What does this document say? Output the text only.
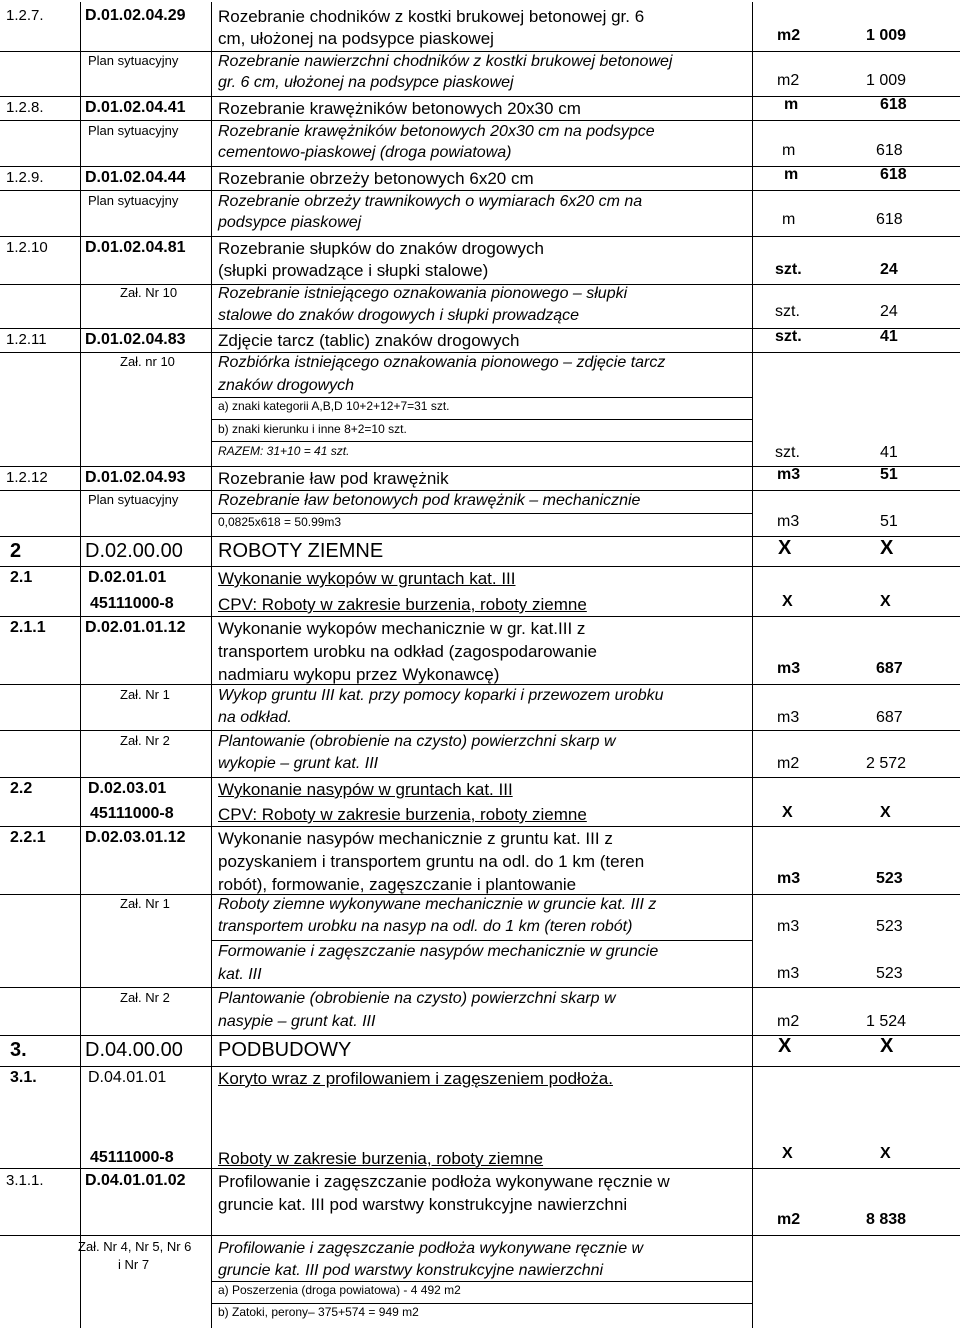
1.2.7.	D.01.02.04.29 Rozebranie chodników z kostki brukowej betonowej gr. 6
cm, ułożonej na podsypce piaskowej	m2	1 009
Plan sytuacyjny Rozebranie nawierzchni chodników z kostki brukowej betonowej
gr. 6 cm, ułożonej na podsypce piaskowej	m2	1 009
1.2.8.	D.01.02.04.41 Rozebranie krawężników betonowych 20x30 cm	m	618
Plan sytuacyjny Rozebranie krawężników betonowych 20x30 cm na podsypce
cementowo-piaskowej (droga powiatowa)	m	618
1.2.9.	D.01.02.04.44 Rozebranie obrzeży betonowych 6x20 cm	m	618
Plan sytuacyjny Rozebranie obrzeży trawnikowych o wymiarach 6x20 cm na
podsypce piaskowej	m	618
1.2.10 D.01.02.04.81 Rozebranie słupków do znaków drogowych
(słupki prowadzące i słupki stalowe)	szt.	24
Zał. Nr 10	Rozebranie istniejącego oznakowania pionowego – słupki
stalowe do znaków drogowych i słupki prowadzące	szt.	24
1.2.11 D.01.02.04.83 Zdjęcie tarcz (tablic) znaków drogowych	szt.	41
Zał. nr 10	Rozbiórka istniejącego oznakowania pionowego – zdjęcie tarcz
znaków drogowych
a) znaki kategorii A,B,D 10+2+12+7=31 szt.
b) znaki kierunku i inne 8+2=10 szt.
RAZEM: 31+10 = 41 szt.	szt.	41
1.2.12 D.01.02.04.93 Rozebranie ław pod krawężnik	m3	51
Plan sytuacyjny Rozebranie ław betonowych pod krawężnik – mechanicznie
0,0825x618 = 50.99m3	m3	51
2	D.02.00.00 ROBOTY ZIEMNE	X	X
2.1	D.02.01.01	Wykonanie wykopów w gruntach kat. III
45111000-8	CPV: Roboty w zakresie burzenia, roboty ziemne	X	X
2.1.1 D.02.01.01.12 Wykonanie wykopów mechanicznie w gr. kat.III z
transportem urobku na odkład (zagospodarowanie
nadmiaru wykopu przez Wykonawcę)	m3	687
Zał. Nr 1	Wykop gruntu III kat. przy pomocy koparki i przewozem urobku
na odkład.	m3	687
Zał. Nr 2	Plantowanie (obrobienie na czysto) powierzchni skarp w
wykopie – grunt kat. III	m2	2 572
2.2	D.02.03.01	Wykonanie nasypów w gruntach kat. III
45111000-8	CPV: Roboty w zakresie burzenia, roboty ziemne	X	X
2.2.1 D.02.03.01.12 Wykonanie nasypów mechanicznie z gruntu kat. III z
pozyskaniem i transportem gruntu na odl. do 1 km (teren
robót), formowanie, zagęszczanie i plantowanie	m3	523
Zał. Nr 1	Roboty ziemne wykonywane mechanicznie w gruncie kat. III z
transportem urobku na nasyp na odl. do 1 km (teren robót)	m3	523
Formowanie i zagęszczanie nasypów mechanicznie w gruncie
kat. III	m3	523
Zał. Nr 2	Plantowanie (obrobienie na czysto) powierzchni skarp w
nasypie – grunt kat. III	m2	1 524
3.	D.04.00.00 PODBUDOWY	X	X
3.1.	D.04.01.01	Koryto wraz z profilowaniem i zagęszeniem podłoża.
45111000-8	Roboty w zakresie burzenia, roboty ziemne	X	X
3.1.1.	D.04.01.01.02 Profilowanie i zagęszczanie podłoża wykonywane ręcznie w
gruncie kat. III pod warstwy konstrukcyjne nawierzchni
m2	8 838
Zał. Nr 4, Nr 5, Nr 6
i Nr 7
Profilowanie i zagęszczanie podłoża wykonywane ręcznie w
gruncie kat. III pod warstwy konstrukcyjne nawierzchni
a) Poszerzenia (droga powiatowa) - 4 492 m2
b) Zatoki, perony– 375+574 = 949 m2
